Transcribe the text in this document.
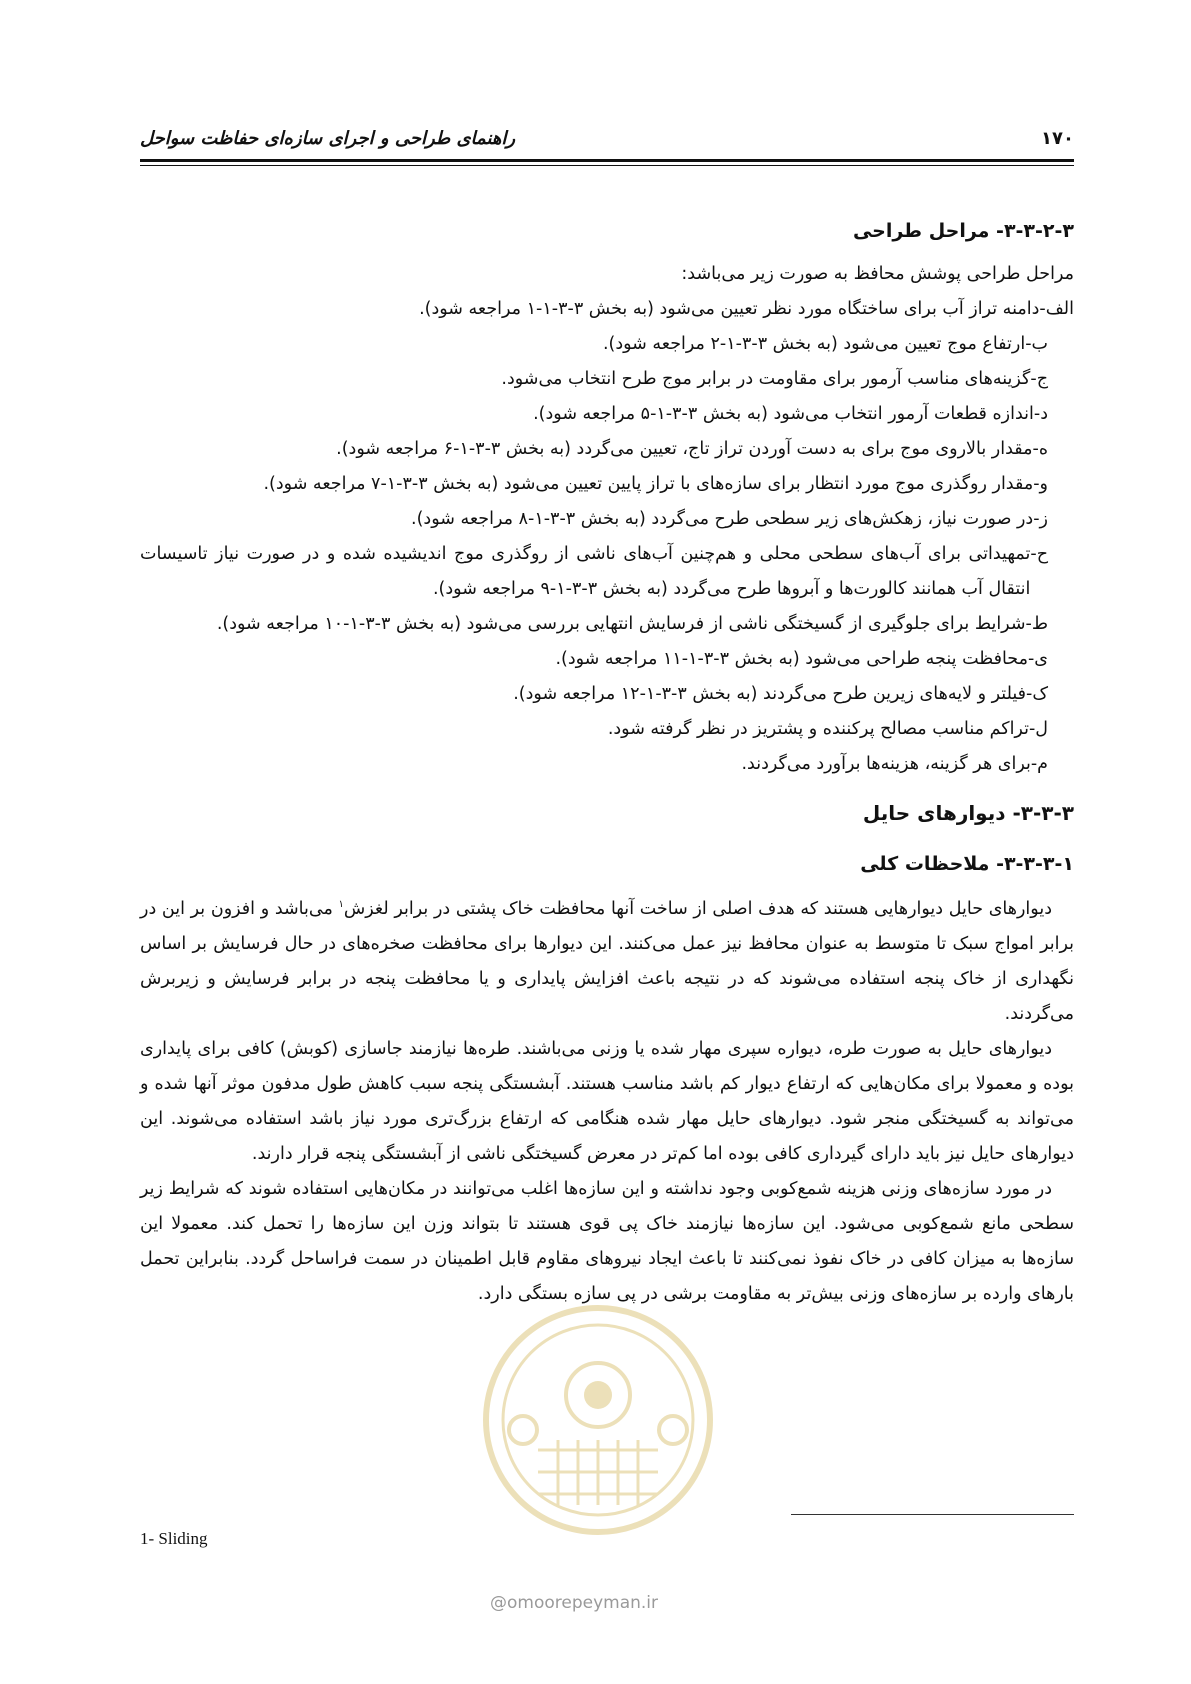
۱۷۰
راهنمای طراحی و اجرای سازه‌ای حفاظت سواحل
@omoorepeyman.ir

۳-۳-۲-۳- مراحل طراحی

مراحل طراحی پوشش محافظ به صورت زیر می‌باشد:

الف-
دامنه تراز آب برای ساختگاه مورد نظر تعیین می‌شود (به بخش ۳-۳-۱-۱ مراجعه شود).
ب-
ارتفاع موج تعیین می‌شود (به بخش ۳-۳-۱-۲ مراجعه شود).
ج-
گزینه‌های مناسب آرمور برای مقاومت در برابر موج طرح انتخاب می‌شود.
د-
اندازه قطعات آرمور انتخاب می‌شود (به بخش ۳-۳-۱-۵ مراجعه شود).
ه-
مقدار بالاروی موج برای به دست آوردن تراز تاج، تعیین می‌گردد (به بخش ۳-۳-۱-۶ مراجعه شود).
و-
مقدار روگذری موج مورد انتظار برای سازه‌های با تراز پایین تعیین می‌شود (به بخش ۳-۳-۱-۷ مراجعه شود).
ز-
در صورت نیاز، زهکش‌های زیر سطحی طرح می‌گردد (به بخش ۳-۳-۱-۸ مراجعه شود).
ح-
تمهیداتی برای آب‌های سطحی محلی و هم‌چنین آب‌های ناشی از روگذری موج اندیشیده شده و در صورت نیاز تاسیسات انتقال آب همانند کالورت‌ها و آبروها طرح می‌گردد (به بخش ۳-۳-۱-۹ مراجعه شود).
ط-
شرایط برای جلوگیری از گسیختگی ناشی از فرسایش انتهایی بررسی می‌شود (به بخش ۳-۳-۱-۱۰ مراجعه شود).
ی-
محافظت پنجه طراحی می‌شود (به بخش ۳-۳-۱-۱۱ مراجعه شود).
ک-
فیلتر و لایه‌های زیرین طرح می‌گردند (به بخش ۳-۳-۱-۱۲ مراجعه شود).
ل-
تراکم مناسب مصالح پرکننده و پشتریز در نظر گرفته شود.
م-
برای هر گزینه، هزینه‌ها برآورد می‌گردند.

۳-۳-۳- دیوارهای حایل

۳-۳-۳-۱- ملاحظات کلی

دیوارهای حایل دیوارهایی هستند که هدف اصلی از ساخت آنها محافظت خاک پشتی در برابر لغزش$^۱$ می‌باشد و افزون بر این در برابر امواج سبک تا متوسط به عنوان محافظ نیز عمل می‌کنند. این دیوارها برای محافظت صخره‌های در حال فرسایش بر اساس نگهداری از خاک پنجه استفاده می‌شوند که در نتیجه باعث افزایش پایداری و یا محافظت پنجه در برابر فرسایش و زیربرش می‌گردند.

دیوارهای حایل به صورت طره، دیواره سپری مهار شده یا وزنی می‌باشند. طره‌ها نیازمند جاسازی (کوبش) کافی برای پایداری بوده و معمولا برای مکان‌هایی که ارتفاع دیوار کم باشد مناسب هستند. آبشستگی پنجه سبب کاهش طول مدفون موثر آنها شده و می‌تواند به گسیختگی منجر شود. دیوارهای حایل مهار شده هنگامی که ارتفاع بزرگ‌تری مورد نیاز باشد استفاده می‌شوند. این دیوارهای حایل نیز باید دارای گیرداری کافی بوده اما کم‌تر در معرض گسیختگی ناشی از آبشستگی پنجه قرار دارند.

در مورد سازه‌های وزنی هزینه شمع‌کوبی وجود نداشته و این سازه‌ها اغلب می‌توانند در مکان‌هایی استفاده شوند که شرایط زیر سطحی مانع شمع‌کوبی می‌شود. این سازه‌ها نیازمند خاک پی قوی هستند تا بتواند وزن این سازه‌ها را تحمل کند. معمولا این سازه‌ها به میزان کافی در خاک نفوذ نمی‌کنند تا باعث ایجاد نیروهای مقاوم قابل اطمینان در سمت فراساحل گردد. بنابراین تحمل بارهای وارده بر سازه‌های وزنی بیش‌تر به مقاومت برشی در پی سازه بستگی دارد.

1- Sliding
